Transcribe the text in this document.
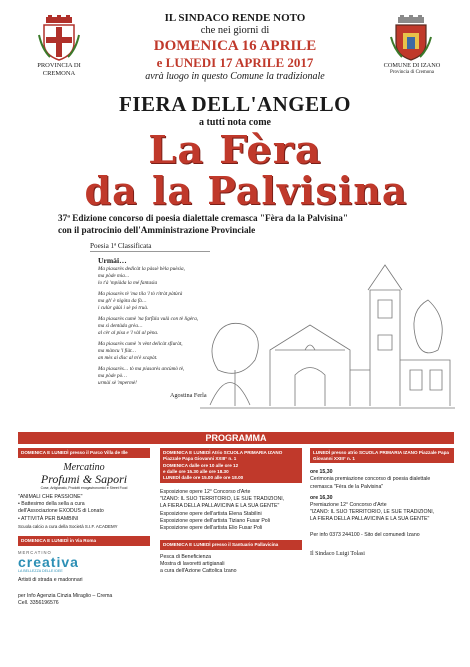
PROVINCIA DI
CREMONA
COMUNE DI IZANO
Provincia di Cremona
IL SINDACO RENDE NOTO
che nei giorni di
DOMENICA 16 APRILE
e LUNEDI 17 APRILE 2017
avrà luogo in questo Comune la tradizionale
FIERA DELL'ANGELO
a tutti nota come
La Fèra
da la Palvisina
37ª Edizione concorso di poesia dialettale cremasca "Fèra da la Palvisina"
con il patrocinio dell'Amministrazione Provinciale
Poesia 1ª Classificata
Urmài…

Ma piasarès dedicàt la pàssè bèla puèsìa,
ma pòde mia…
lo t'à 'mpiàda la mé fantasìa

Ma piasarès tè 'ma tila 'l tò ritràt pàtùrà
ma gh' è nìgòta da fà…
i culùr gàùi i sè pó truà.

Ma piasarès cumè 'na farfàla vulà con tè ligèra,
ma sì dentàda grèa…
al cèr al pisa e 'l vàl al pèna.

Ma piasarès cumè 'n vènt delicàt sfiuràt,
ma màncu 'l fiàt…
an mès ai dìsc al m'è scapàt.

Ma piasarès… tò ma piasarès ancùmò tè,
ma pòde pò…
urmài sè 'mpermè!

Agostina Ferla
PROGRAMMA
DOMENICA E LUNEDÌ presso il Parco Villa de Ille
Mercatino
Profumi & Sapori
Cose, Artigianato, Prodotti enogastronomici e Street Food
"ANIMALI CHE PASSIONE"
• Battesimo della sella a cura
dell'Associazione EXODUS di Lonato
• ATTIVITÀ PER BAMBINI
Scuola calcio a cura della Società S.I.F. ACADEMY
DOMENICA E LUNEDÌ in Via Roma
MERCATINO
creativa
LA BELLEZZA DELLE IDEE
Artisti di strada e madonnari
per Info Agenzia Cinzia Miraglio – Crema
Cell. 3356196576
DOMENICA E LUNEDÌ Atrio SCUOLA PRIMARIA IZANO Piazzale Papa Giovanni XXIII° n. 1
DOMENICA dalle ore 10 alle ore 12
e dalle ore 15.30 alle ore 18.30
LUNEDÌ dalle ore 15.00 alle ore 18.00
Esposizione opere 12° Concorso d'Arte
"IZANO: IL SUO TERRITORIO, LE SUE TRADIZIONI,
LA FIERA DELLA PALLAVICINA E LA SUA GENTE"
Esposizione opere dell'artista Elena Stabilini
Esposizione opere dell'artista Tiziano Fusar Poli
Esposizione opere dell'artista Elio Fusar Poli
DOMENICA E LUNEDÌ presso il Santuario Pallavicina
Pesca di Beneficienza
Mostra di lavoretti artigianali
a cura dell'Azione Cattolica Izano
LUNEDÌ presso atrio SCUOLA PRIMARIA IZANO Piazzale Papa Giovanni XXIII° n. 1
ore 15,30
Cerimonia premiazione concorso di poesia dialettale
cremasca "Fèra de la Palvisina"
ore 16,30
Premiazione 12° Concorso d'Arte
"IZANO: IL SUO TERRITORIO, LE SUE TRADIZIONI,
LA FIERA DELLA PALLAVICINA E LA SUA GENTE"
Per info 0373 244100 - Sito del comunedi Izano
Il Sindaco Luigi Tolasi
